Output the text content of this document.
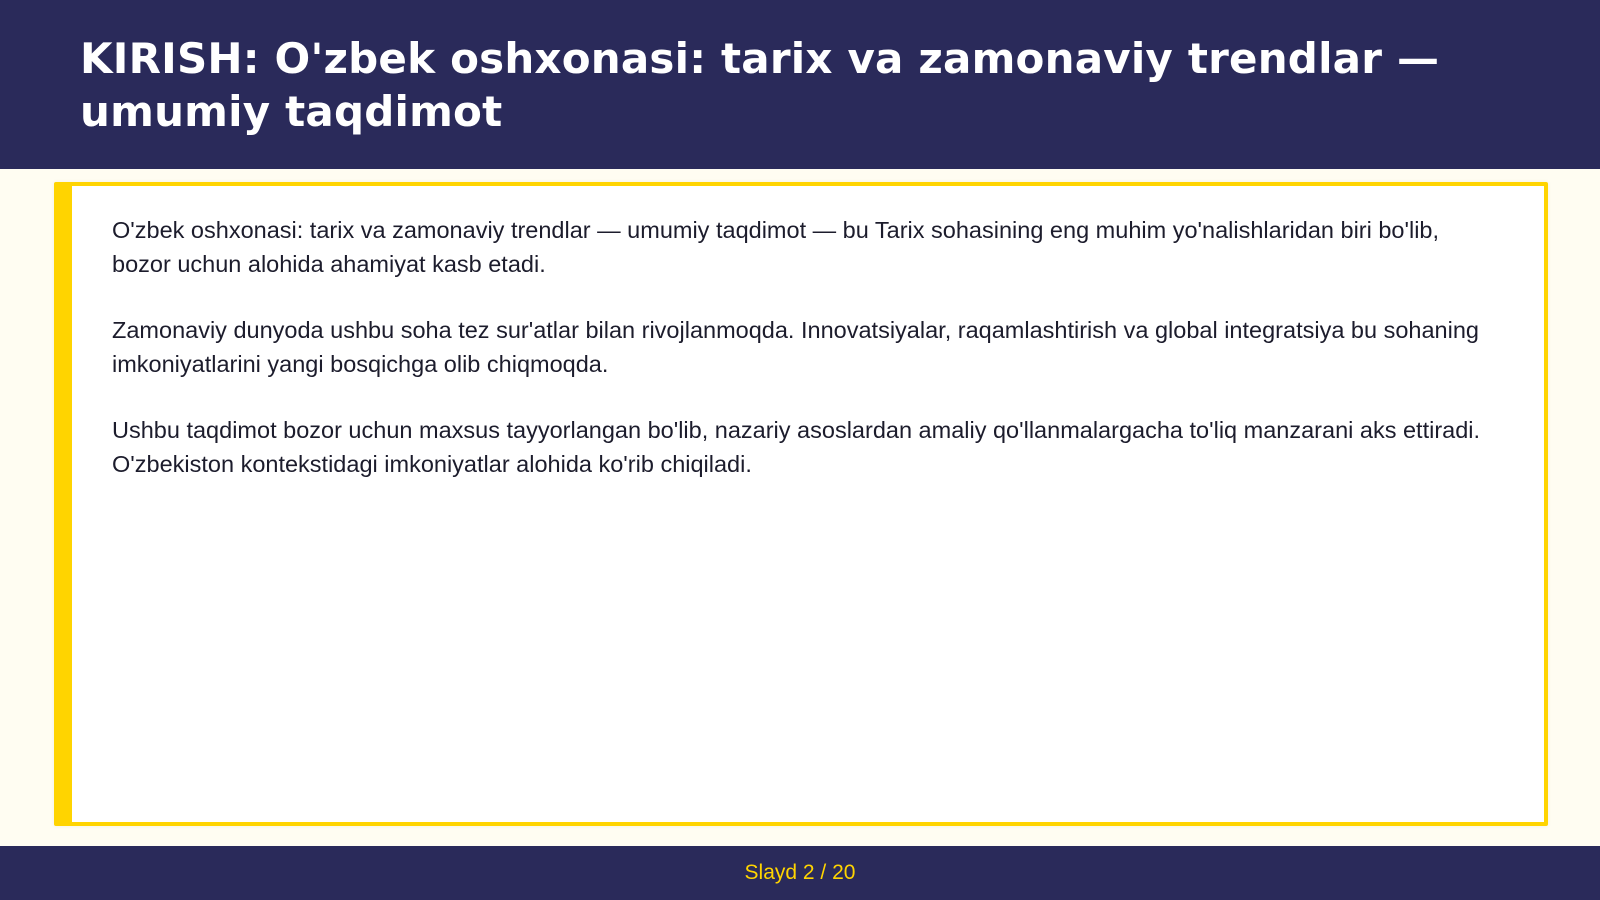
KIRISH: O'zbek oshxonasi: tarix va zamonaviy trendlar — umumiy taqdimot

O'zbek oshxonasi: tarix va zamonaviy trendlar — umumiy taqdimot — bu Tarix sohasining eng muhim yo'nalishlaridan biri bo'lib, bozor uchun alohida ahamiyat kasb etadi.

Zamonaviy dunyoda ushbu soha tez sur'atlar bilan rivojlanmoqda. Innovatsiyalar, raqamlashtirish va global integratsiya bu sohaning imkoniyatlarini yangi bosqichga olib chiqmoqda.

Ushbu taqdimot bozor uchun maxsus tayyorlangan bo'lib, nazariy asoslardan amaliy qo'llanmalargacha to'liq manzarani aks ettiradi. O'zbekiston kontekstidagi imkoniyatlar alohida ko'rib chiqiladi.

Slayd 2 / 20
